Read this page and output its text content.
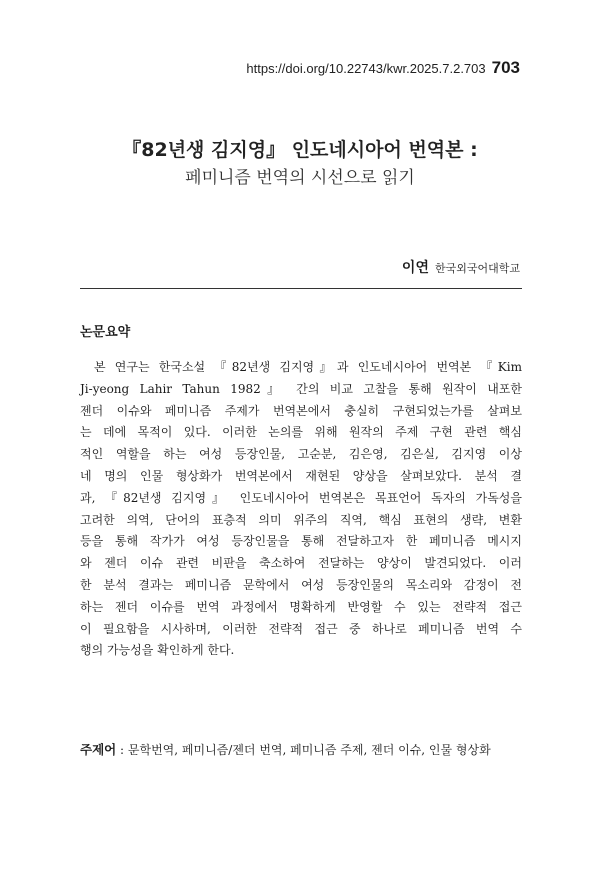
https://doi.org/10.22743/kwr.2025.7.2.703 703
『82년생 김지영』 인도네시아어 번역본 :
페미니즘 번역의 시선으로 읽기
이연 한국외국어대학교
논문요약
본 연구는 한국소설 『82년생 김지영』과 인도네시아어 번역본 『Kim
Ji-yeong Lahir Tahun 1982』 간의 비교 고찰을 통해 원작이 내포한
젠더 이슈와 페미니즘 주제가 번역본에서 충실히 구현되었는가를 살펴보
는 데에 목적이 있다. 이러한 논의를 위해 원작의 주제 구현 관련 핵심
적인 역할을 하는 여성 등장인물, 고순분, 김은영, 김은실, 김지영 이상
네 명의 인물 형상화가 번역본에서 재현된 양상을 살펴보았다. 분석 결
과, 『82년생 김지영』 인도네시아어 번역본은 목표언어 독자의 가독성을
고려한 의역, 단어의 표층적 의미 위주의 직역, 핵심 표현의 생략, 변환
등을 통해 작가가 여성 등장인물을 통해 전달하고자 한 페미니즘 메시지
와 젠더 이슈 관련 비판을 축소하여 전달하는 양상이 발견되었다. 이러
한 분석 결과는 페미니즘 문학에서 여성 등장인물의 목소리와 감정이 전
하는 젠더 이슈를 번역 과정에서 명확하게 반영할 수 있는 전략적 접근
이 필요함을 시사하며, 이러한 전략적 접근 중 하나로 페미니즘 번역 수
행의 가능성을 확인하게 한다.
주제어 : 문학번역, 페미니즘/젠더 번역, 페미니즘 주제, 젠더 이슈, 인물 형상화
